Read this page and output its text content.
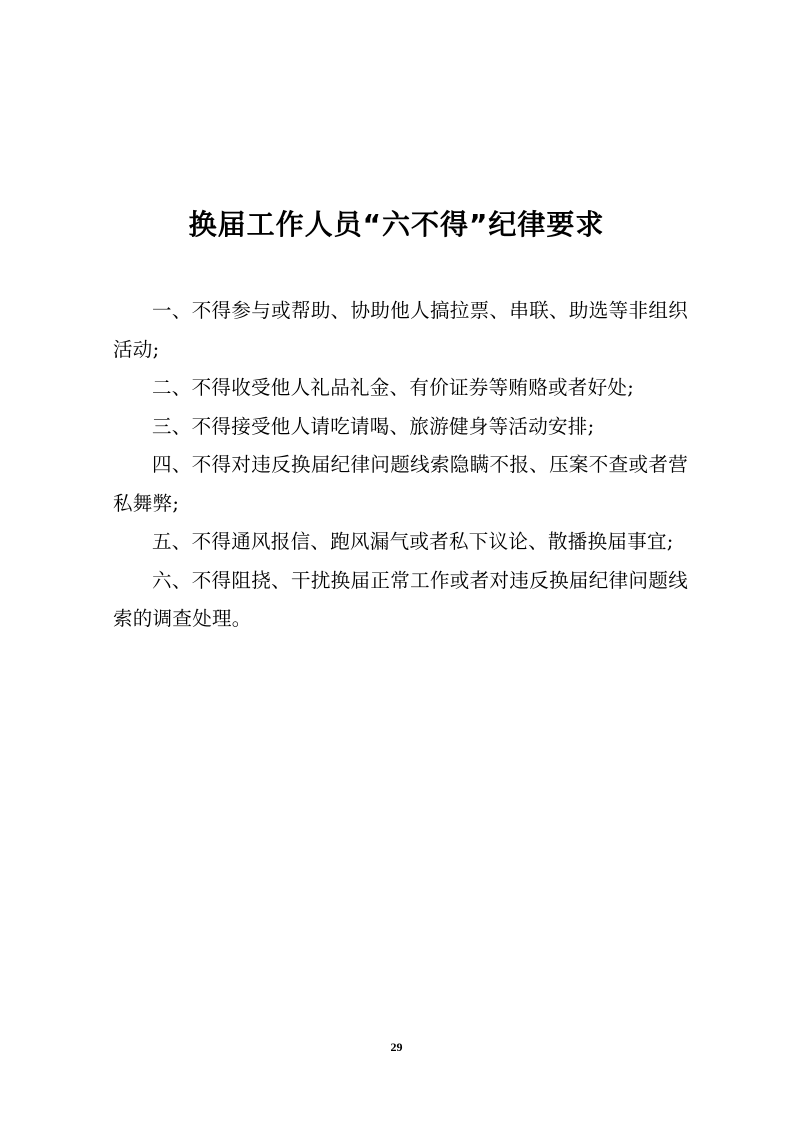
换届工作人员“六不得”纪律要求

一、不得参与或帮助、协助他人搞拉票、串联、助选等非组织活动;

二、不得收受他人礼品礼金、有价证券等贿赂或者好处;

三、不得接受他人请吃请喝、旅游健身等活动安排;

四、不得对违反换届纪律问题线索隐瞒不报、压案不查或者营私舞弊;

五、不得通风报信、跑风漏气或者私下议论、散播换届事宜;

六、不得阻挠、干扰换届正常工作或者对违反换届纪律问题线索的调查处理。

29
